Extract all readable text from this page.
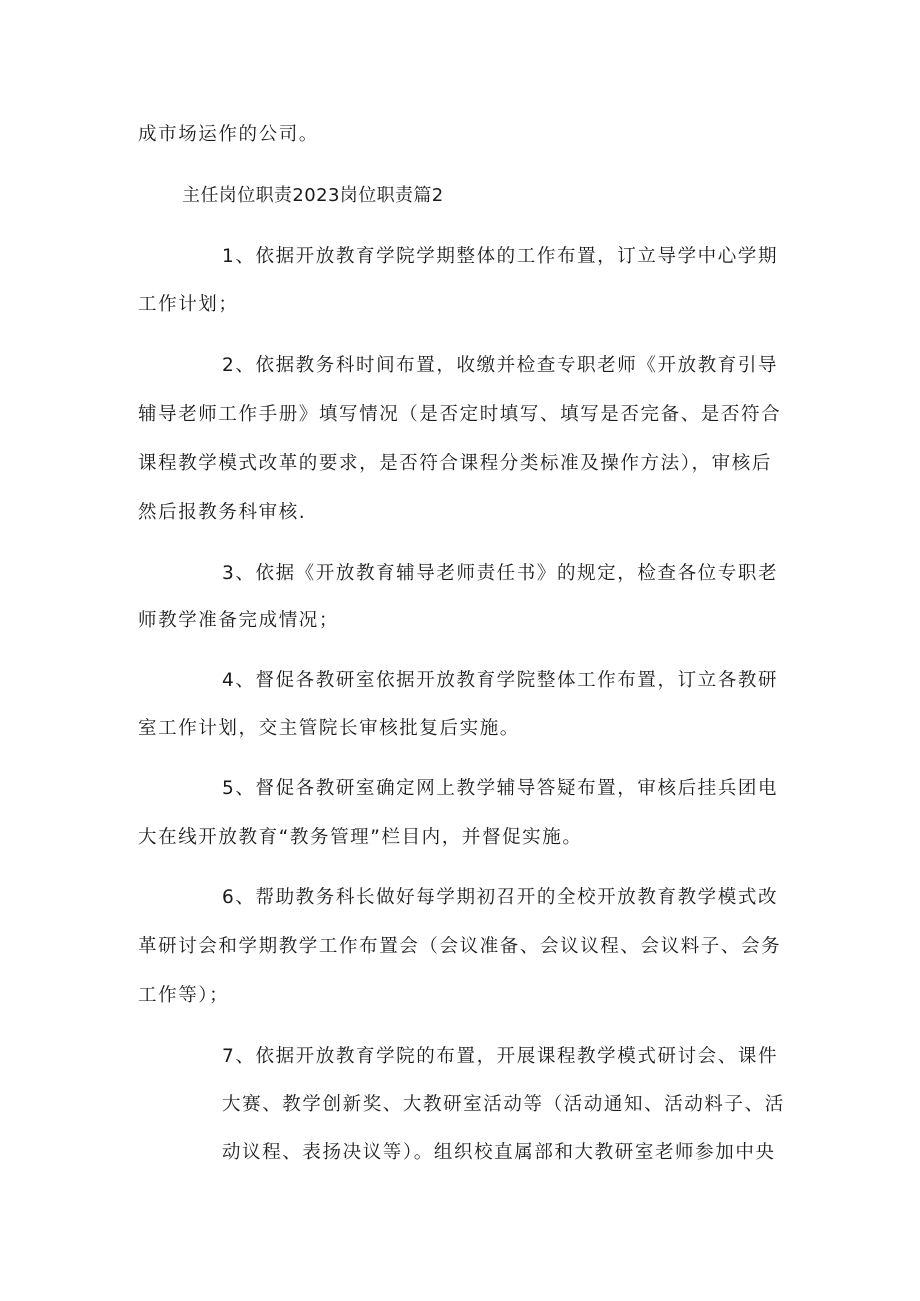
成市场运作的公司。
主任岗位职责2023岗位职责篇2
1、依据开放教育学院学期整体的工作布置，订立导学中心学期
工作计划；
2、依据教务科时间布置，收缴并检查专职老师《开放教育引导
辅导老师工作手册》填写情况（是否定时填写、填写是否完备、是否符合
课程教学模式改革的要求，是否符合课程分类标准及操作方法），审核后
然后报教务科审核.
3、依据《开放教育辅导老师责任书》的规定，检查各位专职老
师教学准备完成情况；
4、督促各教研室依据开放教育学院整体工作布置，订立各教研
室工作计划，交主管院长审核批复后实施。
5、督促各教研室确定网上教学辅导答疑布置，审核后挂兵团电
大在线开放教育“教务管理”栏目内，并督促实施。
6、帮助教务科长做好每学期初召开的全校开放教育教学模式改
革研讨会和学期教学工作布置会（会议准备、会议议程、会议料子、会务
工作等）；
7、依据开放教育学院的布置，开展课程教学模式研讨会、课件
大赛、教学创新奖、大教研室活动等（活动通知、活动料子、活
动议程、表扬决议等）。组织校直属部和大教研室老师参加中央
